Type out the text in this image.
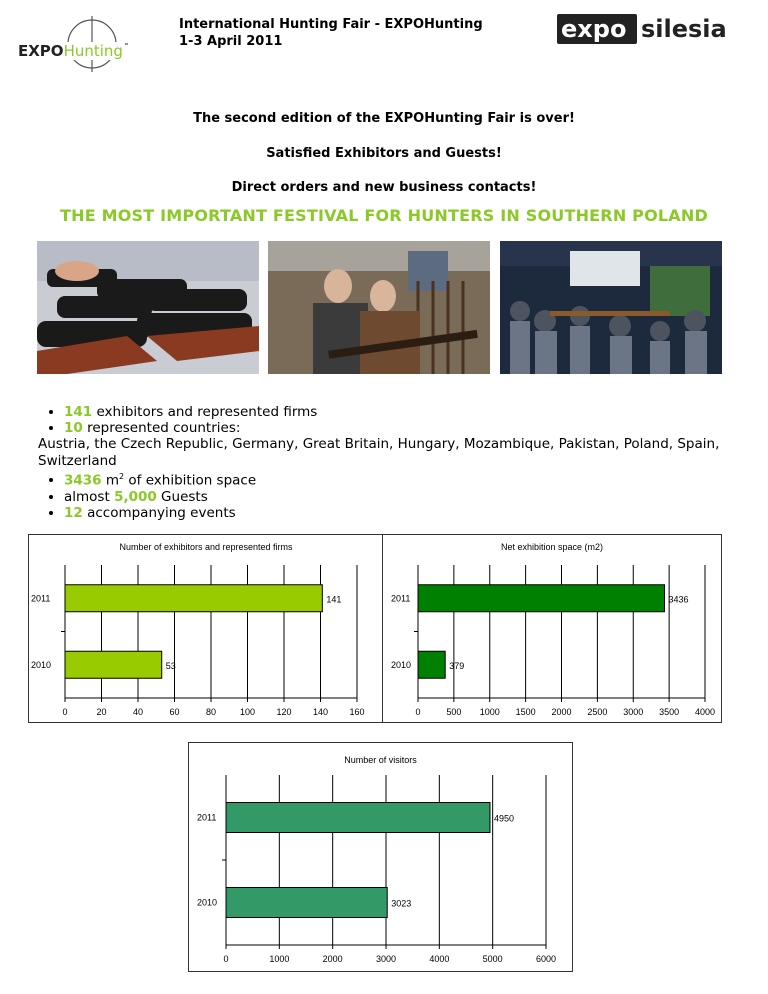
EXPOHunting
International Hunting Fair - EXPOHunting
1-3 April 2011	expo silesia
The second edition of the EXPOHunting Fair is over!
Satisfied Exhibitors and Guests!
Direct orders and new business contacts!
THE MOST IMPORTANT FESTIVAL FOR HUNTERS IN SOUTHERN POLAND
• 141 exhibitors and represented firms
• 10 represented countries:
Austria, the Czech Republic, Germany, Great Britain, Hungary, Mozambique, Pakistan, Poland, Spain, Switzerland
• 3436 $m^2$ of exhibition space
• almost 5,000 Guests
• 12 accompanying events
Number of exhibitors and represented firms
0	20	40	60	80	100 120 140 160
2011	141
2010	53
Net exhibition space (m2)
0	500 1000 1500 2000 2500 3000 3500 4000
2011	3436
2010	379
Number of visitors
0	1000	2000	3000	4000	5000	6000
2011	4950
2010	3023
